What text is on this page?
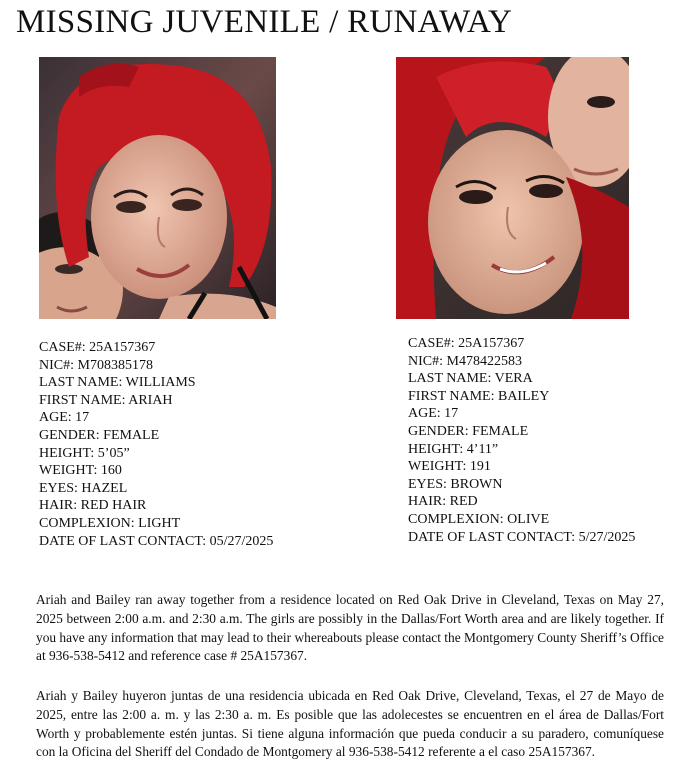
MISSING JUVENILE / RUNAWAY
CASE#: 25A157367
NIC#: M708385178
LAST NAME: WILLIAMS
FIRST NAME: ARIAH
AGE: 17
GENDER: FEMALE
HEIGHT: 5’05”
WEIGHT: 160
EYES: HAZEL
HAIR: RED HAIR
COMPLEXION: LIGHT
DATE OF LAST CONTACT: 05/27/2025
CASE#: 25A157367
NIC#: M478422583
LAST NAME: VERA
FIRST NAME: BAILEY
AGE: 17
GENDER: FEMALE
HEIGHT: 4’11”
WEIGHT: 191
EYES: BROWN
HAIR: RED
COMPLEXION: OLIVE
DATE OF LAST CONTACT: 5/27/2025

Ariah and Bailey ran away together from a residence located on Red Oak Drive in Cleveland, Texas on May 27, 2025 between 2:00 a.m. and 2:30 a.m. The girls are possibly in the Dallas/Fort Worth area and are likely together. If you have any information that may lead to their whereabouts please contact the Montgomery County Sheriff’s Office at 936-538-5412 and reference case # 25A157367.

Ariah y Bailey huyeron juntas de una residencia ubicada en Red Oak Drive, Cleveland, Texas, el 27 de Mayo de 2025, entre las 2:00 a. m. y las 2:30 a. m. Es posible que las adolecestes se encuentren en el área de Dallas/Fort Worth y probablemente estén juntas. Si tiene alguna información que pueda conducir a su paradero, comuníquese con la Oficina del Sheriff del Condado de Montgomery al 936-538-5412 referente a el caso 25A157367.
